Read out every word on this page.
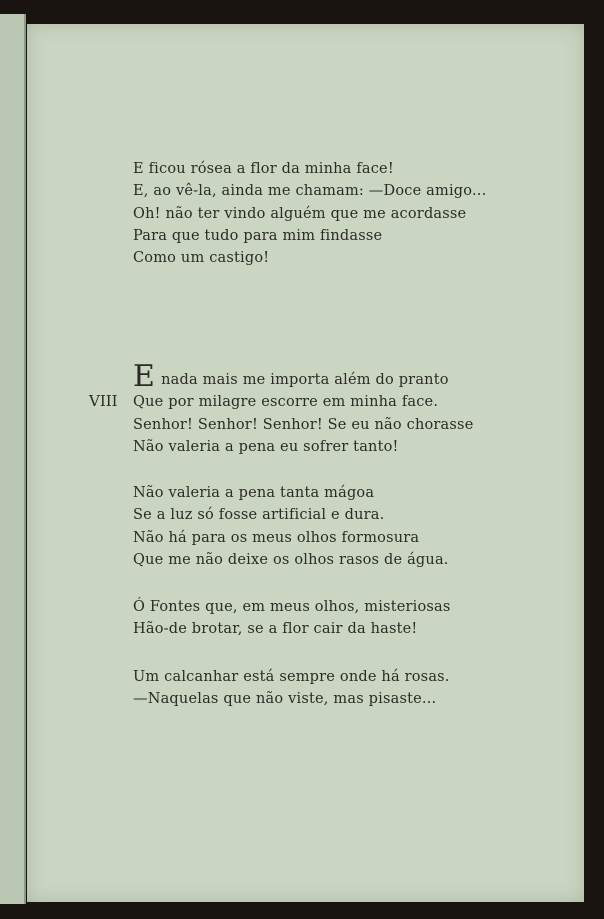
E ficou rósea a flor da minha face!
E, ao vê-la, ainda me chamam: —Doce amigo...
Oh! não ter vindo alguém que me acordasse
Para que tudo para mim findasse
Como um castigo!
VIII
Enada mais me importa além do pranto
Que por milagre escorre em minha face.
Senhor! Senhor! Senhor! Se eu não chorasse
Não valeria a pena eu sofrer tanto!
Não valeria a pena tanta mágoa
Se a luz só fosse artificial e dura.
Não há para os meus olhos formosura
Que me não deixe os olhos rasos de água.
Ó Fontes que, em meus olhos, misteriosas
Hão-de brotar, se a flor cair da haste!
Um calcanhar está sempre onde há rosas.
—Naquelas que não viste, mas pisaste...
